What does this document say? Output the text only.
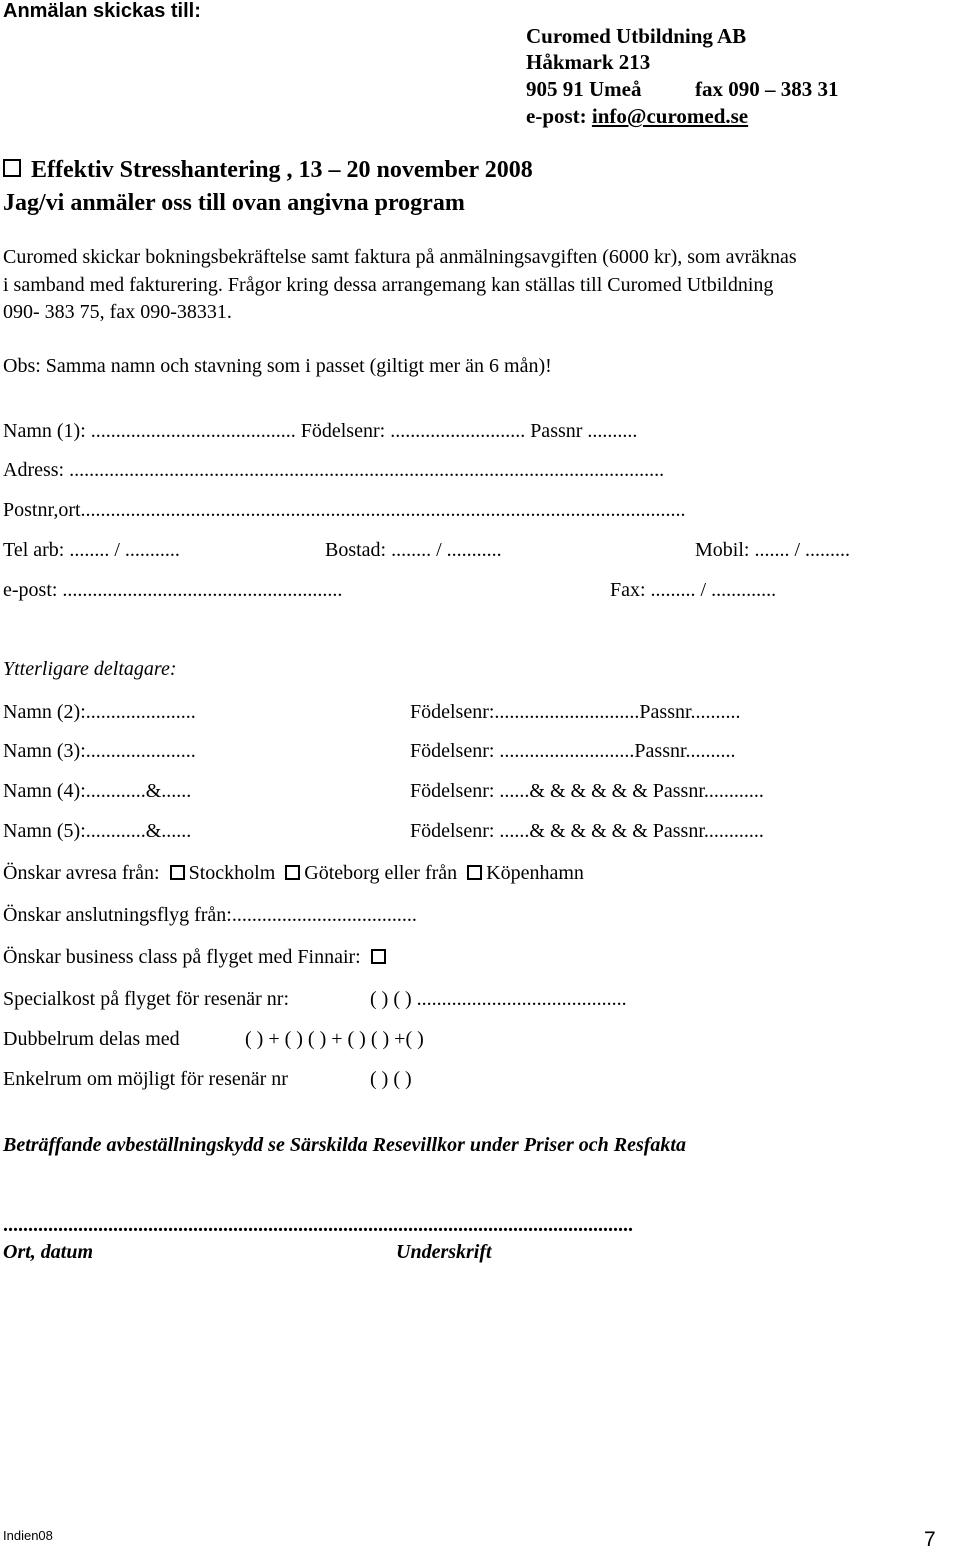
Anmälan skickas till:
Curomed Utbildning AB
Håkmark 213
905 91 Umeå	fax 090 – 383 31
e-post: info@curomed.se
Effektiv Stresshantering , 13 – 20 november 2008
Jag/vi anmäler oss till ovan angivna program
Curomed skickar bokningsbekräftelse samt faktura på anmälningsavgiften (6000 kr), som avräknas
i samband med fakturering. Frågor kring dessa arrangemang kan ställas till Curomed Utbildning
090- 383 75, fax 090-38331.
Obs: Samma namn och stavning som i passet (giltigt mer än 6 mån)!
Namn (1): ......................................... Födelsenr: ........................... Passnr ..........
Adress: .......................................................................................................................
Postnr,ort.........................................................................................................................
Tel arb: ........ / ...........	Bostad: ........ / ...........	Mobil: ....... / .........
e-post: ........................................................	Fax: ......... / .............
Ytterligare deltagare:
Namn (2):......................	Födelsenr:.............................Passnr..........
Namn (3):......................	Födelsenr: ...........................Passnr..........
Namn (4):............&......	Födelsenr: ......& & & & & & Passnr............
Namn (5):............&......	Födelsenr: ......& & & & & & Passnr............
Önskar avresa från: Stockholm Göteborg eller från Köpenhamn
Önskar anslutningsflyg från:.....................................
Önskar business class på flyget med Finnair:
Specialkost på flyget för resenär nr:	( ) ( ) ..........................................
Dubbelrum delas med	( ) + ( ) ( ) + ( ) ( ) +( )
Enkelrum om möjligt för resenär nr	( ) ( )
Beträffande avbeställningskydd se Särskilda Resevillkor under Priser och Resfakta
..............................................................................................................................
Ort, datum	Underskrift
Indien08	7
